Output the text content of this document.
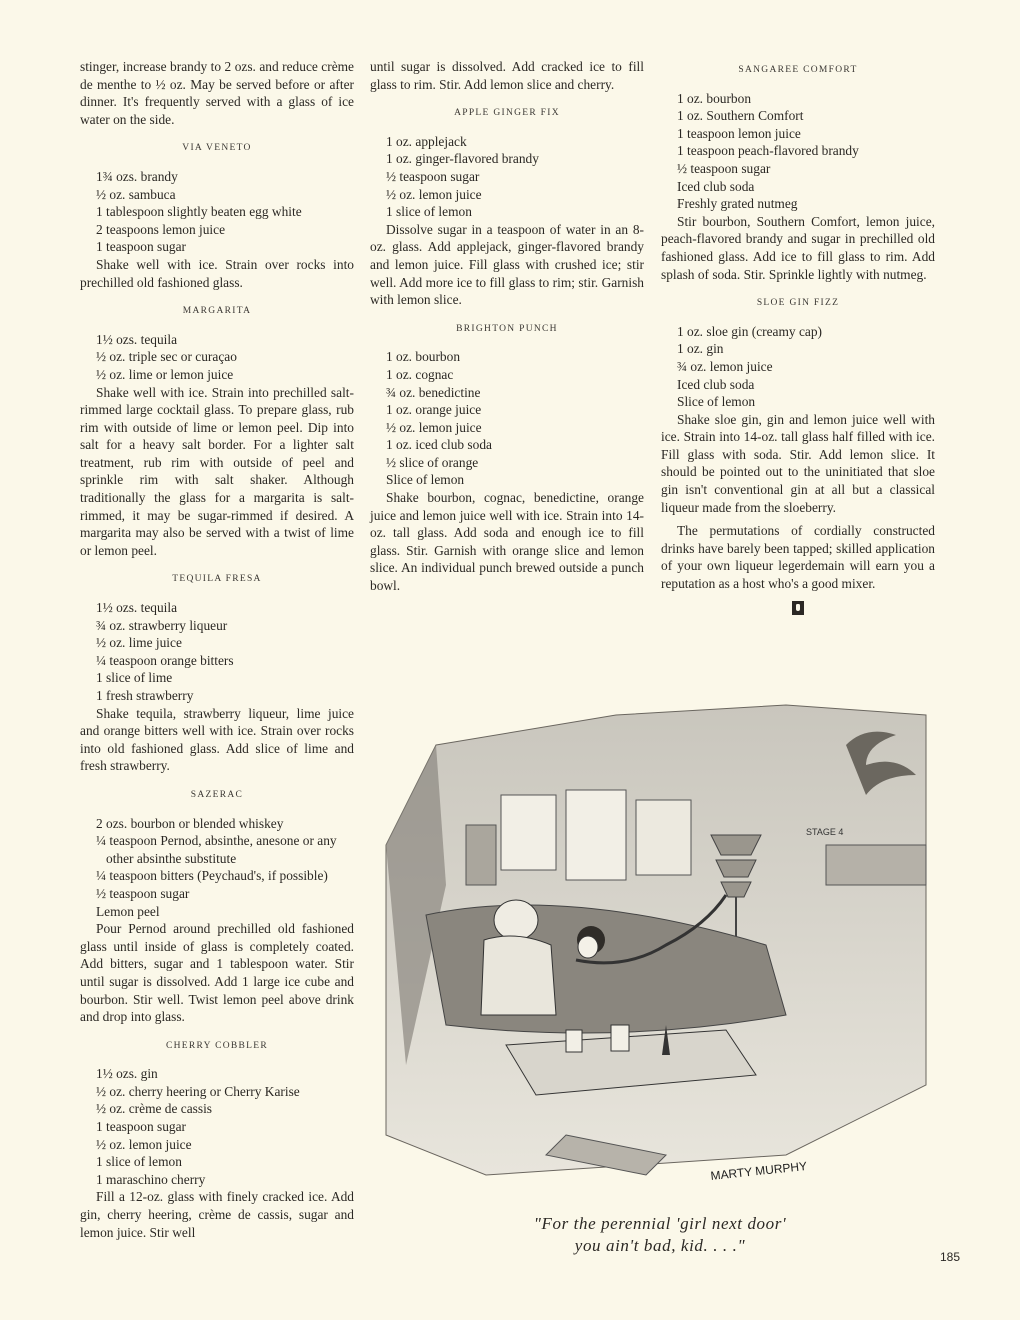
stinger, increase brandy to 2 ozs. and reduce crème de menthe to ½ oz. May be served before or after dinner. It's frequently served with a glass of ice water on the side.

VIA VENETO
1¾ ozs. brandy
½ oz. sambuca
1 tablespoon slightly beaten egg white
2 teaspoons lemon juice
1 teaspoon sugar

Shake well with ice. Strain over rocks into prechilled old fashioned glass.

MARGARITA
1½ ozs. tequila
½ oz. triple sec or curaçao
½ oz. lime or lemon juice

Shake well with ice. Strain into prechilled salt-rimmed large cocktail glass. To prepare glass, rub rim with outside of lime or lemon peel. Dip into salt for a heavy salt border. For a lighter salt treatment, rub rim with outside of peel and sprinkle rim with salt shaker. Although traditionally the glass for a margarita is salt-rimmed, it may be sugar-rimmed if desired. A margarita may also be served with a twist of lime or lemon peel.

TEQUILA FRESA
1½ ozs. tequila
¾ oz. strawberry liqueur
½ oz. lime juice
¼ teaspoon orange bitters
1 slice of lime
1 fresh strawberry

Shake tequila, strawberry liqueur, lime juice and orange bitters well with ice. Strain over rocks into old fashioned glass. Add slice of lime and fresh strawberry.

SAZERAC
2 ozs. bourbon or blended whiskey
¼ teaspoon Pernod, absinthe, anesone or any other absinthe substitute
¼ teaspoon bitters (Peychaud's, if possible)
½ teaspoon sugar
Lemon peel

Pour Pernod around prechilled old fashioned glass until inside of glass is completely coated. Add bitters, sugar and 1 tablespoon water. Stir until sugar is dissolved. Add 1 large ice cube and bourbon. Stir well. Twist lemon peel above drink and drop into glass.

CHERRY COBBLER
1½ ozs. gin
½ oz. cherry heering or Cherry Karise
½ oz. crème de cassis
1 teaspoon sugar
½ oz. lemon juice
1 slice of lemon
1 maraschino cherry

Fill a 12-oz. glass with finely cracked ice. Add gin, cherry heering, crème de cassis, sugar and lemon juice. Stir well

until sugar is dissolved. Add cracked ice to fill glass to rim. Stir. Add lemon slice and cherry.

APPLE GINGER FIX
1 oz. applejack
1 oz. ginger-flavored brandy
½ teaspoon sugar
½ oz. lemon juice
1 slice of lemon

Dissolve sugar in a teaspoon of water in an 8-oz. glass. Add applejack, ginger-flavored brandy and lemon juice. Fill glass with crushed ice; stir well. Add more ice to fill glass to rim; stir. Garnish with lemon slice.

BRIGHTON PUNCH
1 oz. bourbon
1 oz. cognac
¾ oz. benedictine
1 oz. orange juice
½ oz. lemon juice
1 oz. iced club soda
½ slice of orange
Slice of lemon

Shake bourbon, cognac, benedictine, orange juice and lemon juice well with ice. Strain into 14-oz. tall glass. Add soda and enough ice to fill glass. Stir. Garnish with orange slice and lemon slice. An individual punch brewed outside a punch bowl.

SANGAREE COMFORT
1 oz. bourbon
1 oz. Southern Comfort
1 teaspoon lemon juice
1 teaspoon peach-flavored brandy
½ teaspoon sugar
Iced club soda
Freshly grated nutmeg

Stir bourbon, Southern Comfort, lemon juice, peach-flavored brandy and sugar in prechilled old fashioned glass. Add ice to fill glass to rim. Add splash of soda. Stir. Sprinkle lightly with nutmeg.

SLOE GIN FIZZ
1 oz. sloe gin (creamy cap)
1 oz. gin
¾ oz. lemon juice
Iced club soda
Slice of lemon

Shake sloe gin, gin and lemon juice well with ice. Strain into 14-oz. tall glass half filled with ice. Fill glass with soda. Stir. Add lemon slice. It should be pointed out to the uninitiated that sloe gin isn't conventional gin at all but a classical liqueur made from the sloeberry.

The permutations of cordially constructed drinks have barely been tapped; skilled application of your own liqueur legerdemain will earn you a reputation as a host who's a good mixer.

STAGE 4
MARTY MURPHY
"For the perennial 'girl next door'
you ain't bad, kid. . . ."
185
